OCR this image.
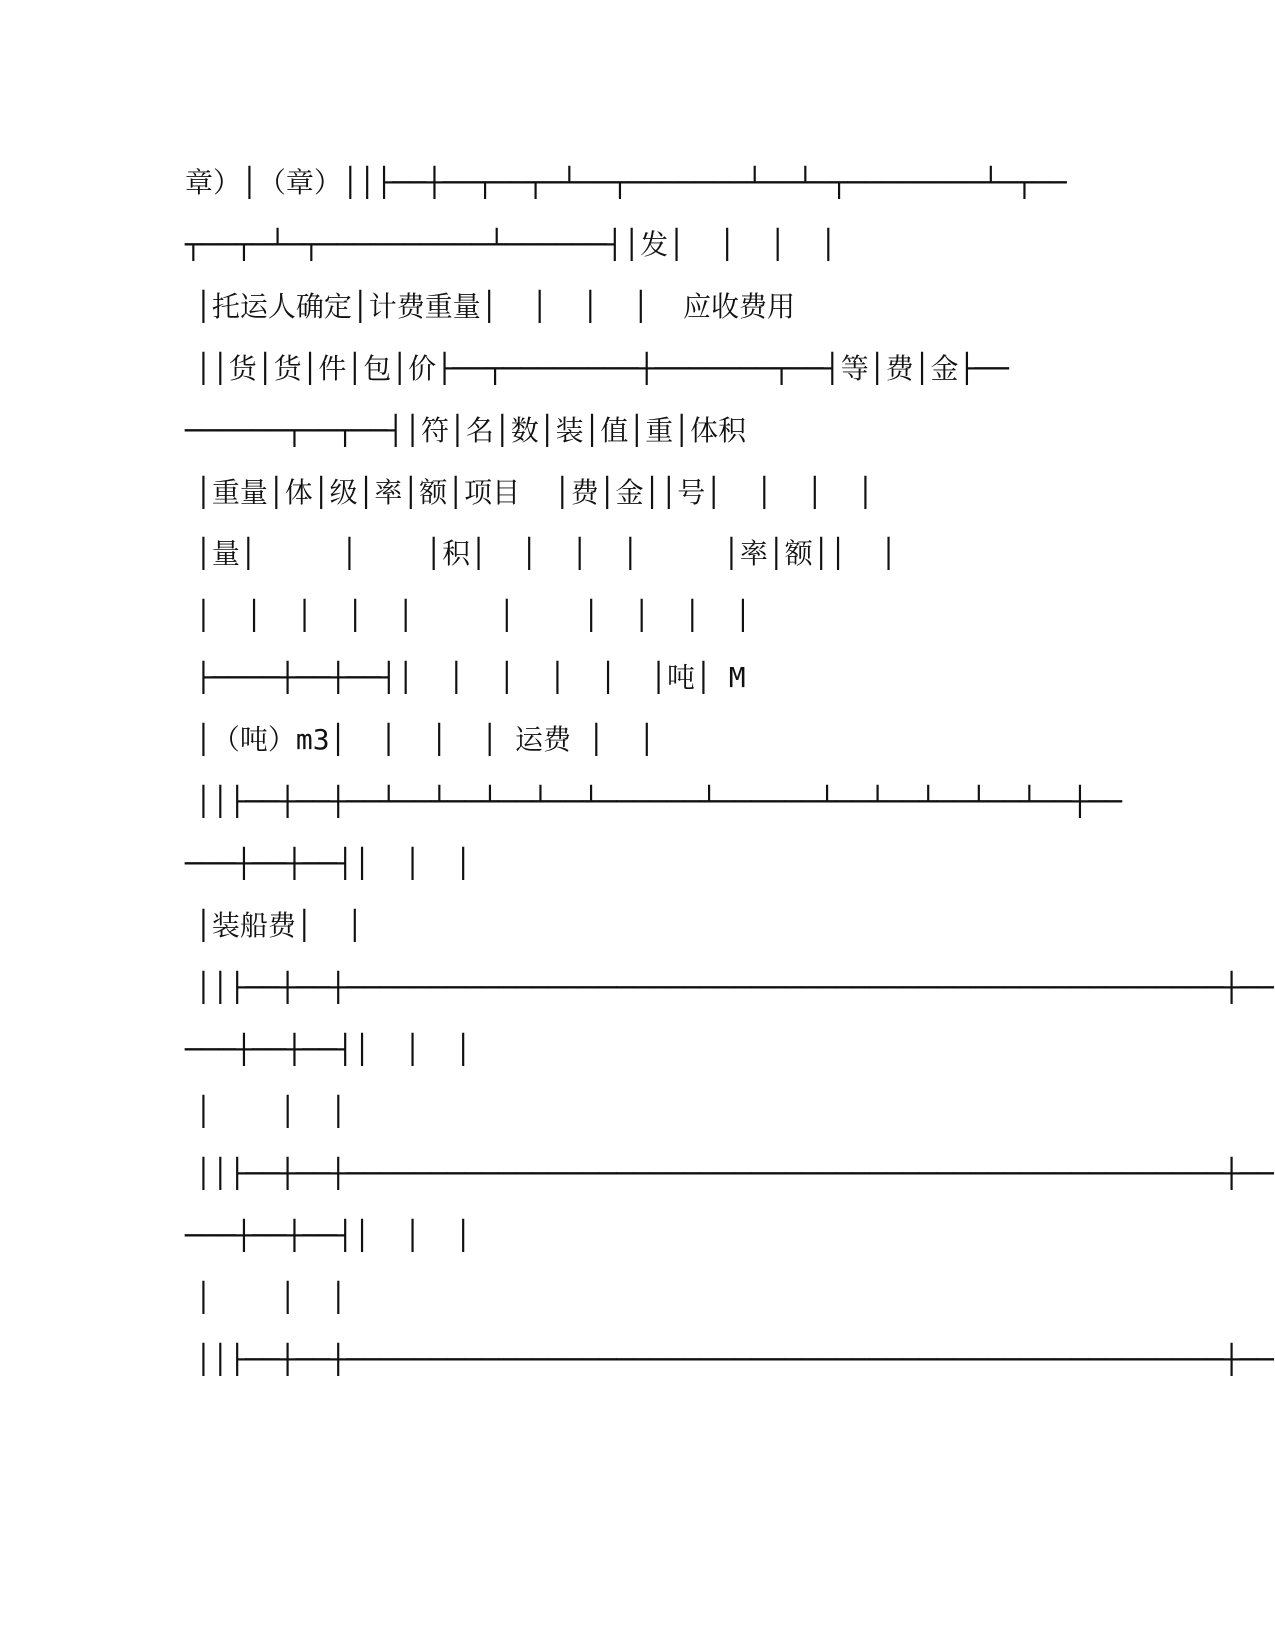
章）│（章）││├──┼──┬──┬─┴──┬───────┴──┴─┬────────┴─┬──
┬──┬─┴─┬──────────┴──────┤│发│  │  │  │
│托运人确定│计费重量│  │  │  │  应收费用
││货│货│件│包│价├──┬────────┼───────┬──┤等│费│金├──
──────┬──┬──┤│符│名│数│装│值│重│体积
│重量│体│级│率│额│项目  │费│金││号│  │  │  │
│量│     │    │积│  │  │  │     │率│额││  │
│  │  │  │  │     │    │  │  │  │
├────┼──┼──┤│  │  │  │  │  │吨│ M
│（吨）m3│  │  │  │ 运费 │  │
││├──┼──┼──┴──┴──┴──┴──┴──────┴──────┴──┴──┴──┴──┴──┼──
───┼──┼──┤│  │  │
│装船费│  │
││├──┼──┼────────────────────────────────────────────────────┼──
───┼──┼──┤│  │  │
│    │  │
││├──┼──┼────────────────────────────────────────────────────┼──
───┼──┼──┤│  │  │
│    │  │
││├──┼──┼────────────────────────────────────────────────────┼──
